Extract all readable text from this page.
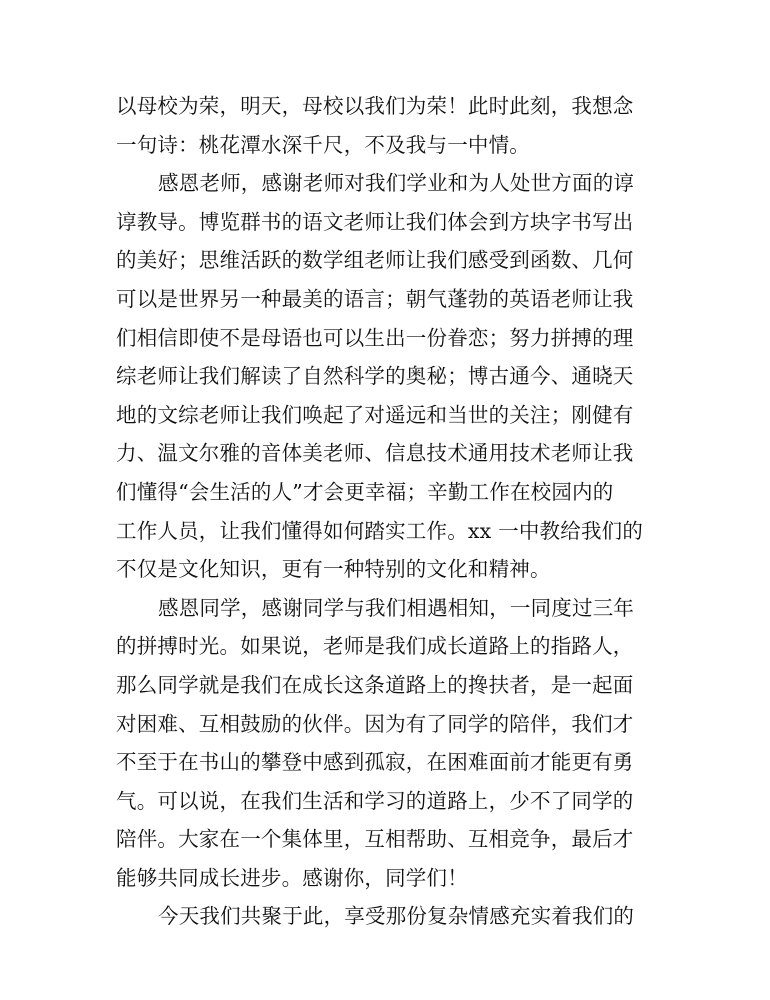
以母校为荣，明天，母校以我们为荣！此时此刻，我想念
一句诗：桃花潭水深千尺，不及我与一中情。
感恩老师，感谢老师对我们学业和为人处世方面的谆
谆教导。博览群书的语文老师让我们体会到方块字书写出
的美好；思维活跃的数学组老师让我们感受到函数、几何
可以是世界另一种最美的语言；朝气蓬勃的英语老师让我
们相信即使不是母语也可以生出一份眷恋；努力拼搏的理
综老师让我们解读了自然科学的奥秘；博古通今、通晓天
地的文综老师让我们唤起了对遥远和当世的关注；刚健有
力、温文尔雅的音体美老师、信息技术通用技术老师让我
们懂得“会生活的人”才会更幸福；辛勤工作在校园内的
工作人员，让我们懂得如何踏实工作。xx 一中教给我们的
不仅是文化知识，更有一种特别的文化和精神。
感恩同学，感谢同学与我们相遇相知，一同度过三年
的拼搏时光。如果说，老师是我们成长道路上的指路人，
那么同学就是我们在成长这条道路上的搀扶者，是一起面
对困难、互相鼓励的伙伴。因为有了同学的陪伴，我们才
不至于在书山的攀登中感到孤寂，在困难面前才能更有勇
气。可以说，在我们生活和学习的道路上，少不了同学的
陪伴。大家在一个集体里，互相帮助、互相竞争，最后才
能够共同成长进步。感谢你，同学们！
今天我们共聚于此，享受那份复杂情感充实着我们的
